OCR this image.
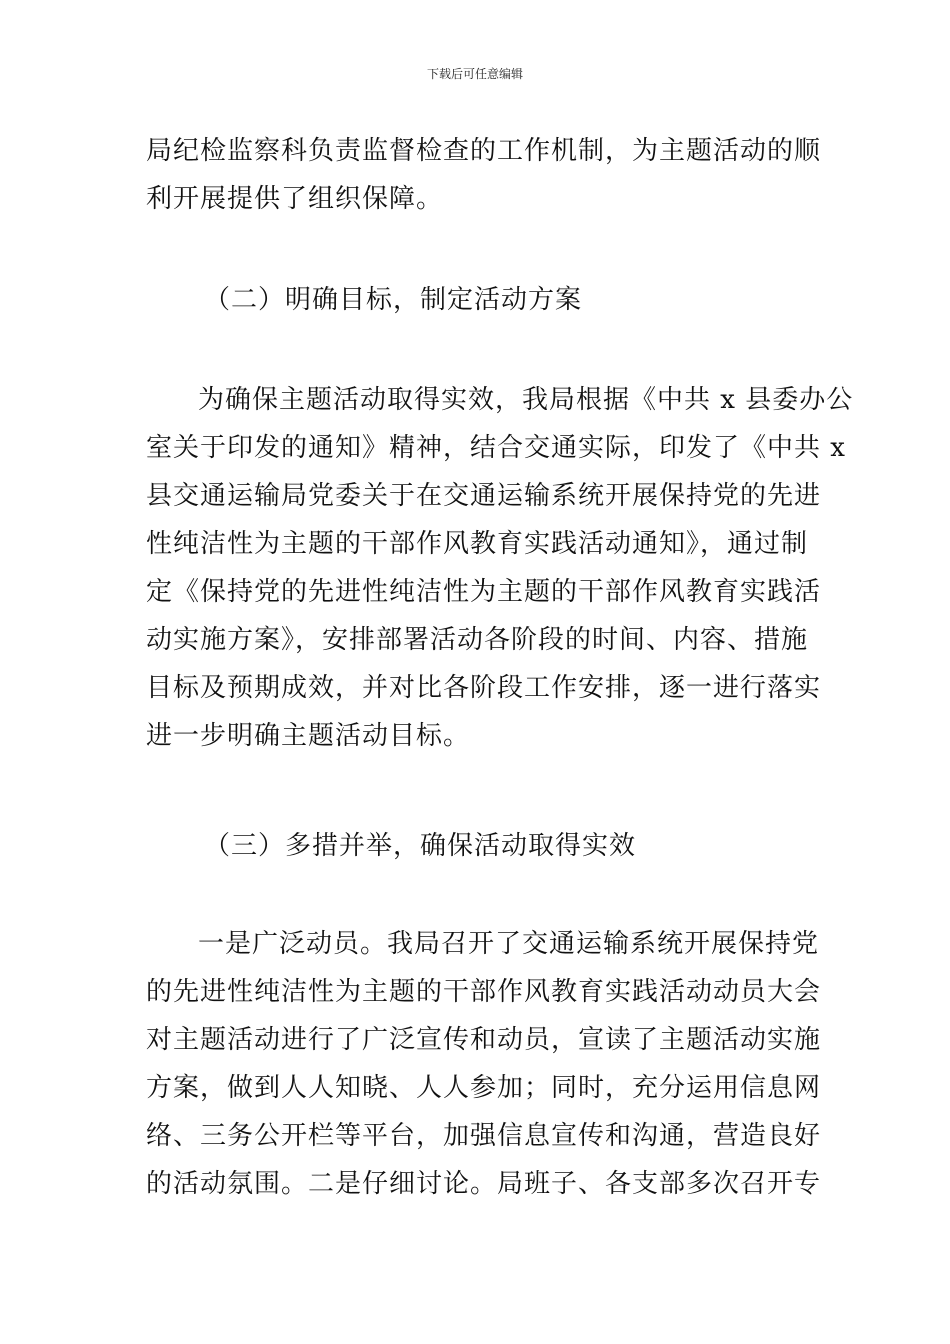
下载后可任意编辑
局纪检监察科负责监督检查的工作机制，为主题活动的顺
利开展提供了组织保障。
（二）明确目标，制定活动方案
为确保主题活动取得实效，我局根据《中共 x 县委办公
室关于印发的通知》精神，结合交通实际，印发了《中共 x
县交通运输局党委关于在交通运输系统开展保持党的先进
性纯洁性为主题的干部作风教育实践活动通知》，通过制
定《保持党的先进性纯洁性为主题的干部作风教育实践活
动实施方案》，安排部署活动各阶段的时间、内容、措施
目标及预期成效，并对比各阶段工作安排，逐一进行落实
进一步明确主题活动目标。
（三）多措并举，确保活动取得实效
一是广泛动员。我局召开了交通运输系统开展保持党
的先进性纯洁性为主题的干部作风教育实践活动动员大会
对主题活动进行了广泛宣传和动员，宣读了主题活动实施
方案，做到人人知晓、人人参加；同时，充分运用信息网
络、三务公开栏等平台，加强信息宣传和沟通，营造良好
的活动氛围。二是仔细讨论。局班子、各支部多次召开专
